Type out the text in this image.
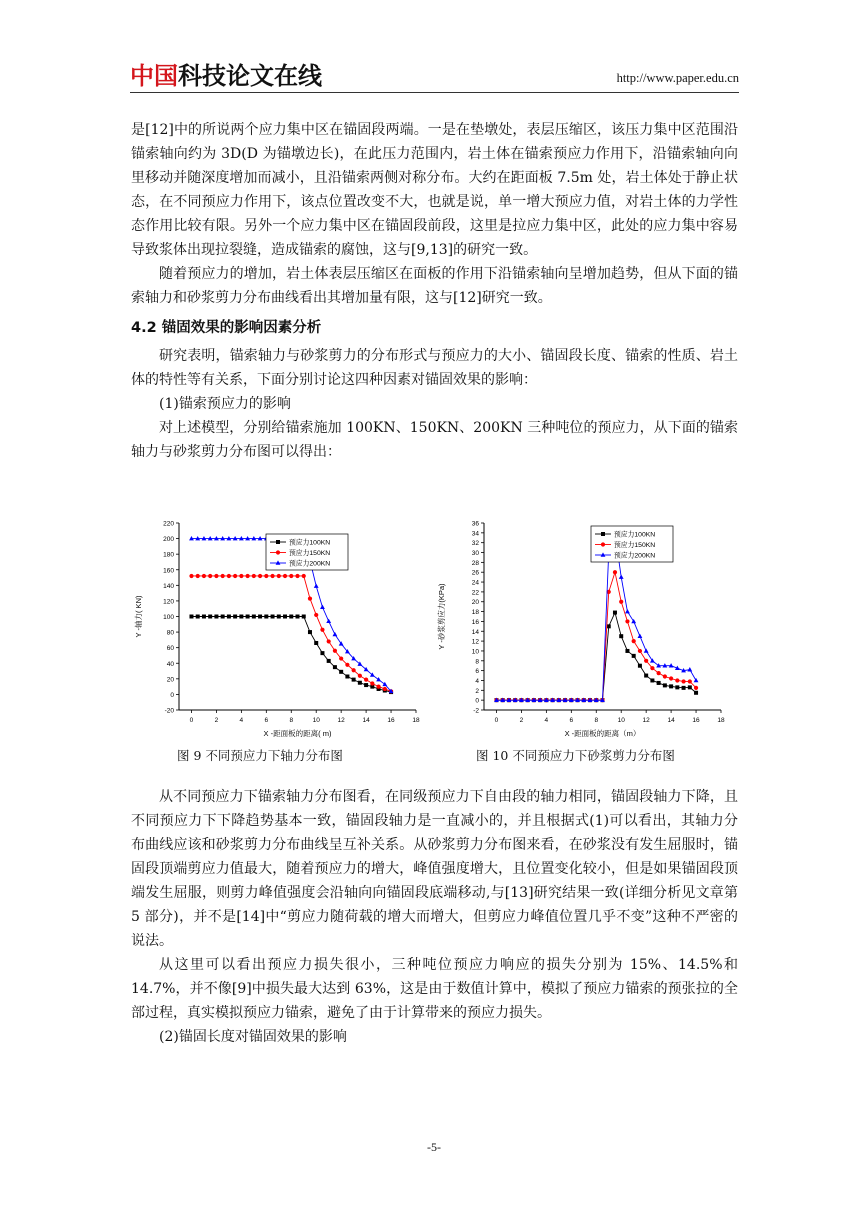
中国科技论文在线	http://www.paper.edu.cn

是[12]中的所说两个应力集中区在锚固段两端。一是在垫墩处，表层压缩区，该压力集中区范围沿锚索轴向约为 3D(D 为锚墩边长)，在此压力范围内，岩土体在锚索预应力作用下，沿锚索轴向向里移动并随深度增加而减小，且沿锚索两侧对称分布。大约在距面板 7.5m 处，岩土体处于静止状态，在不同预应力作用下，该点位置改变不大，也就是说，单一增大预应力值，对岩土体的力学性态作用比较有限。另外一个应力集中区在锚固段前段，这里是拉应力集中区，此处的应力集中容易导致浆体出现拉裂缝，造成锚索的腐蚀，这与[9,13]的研究一致。

随着预应力的增加，岩土体表层压缩区在面板的作用下沿锚索轴向呈增加趋势，但从下面的锚索轴力和砂浆剪力分布曲线看出其增加量有限，这与[12]研究一致。

4.2 锚固效果的影响因素分析

研究表明，锚索轴力与砂浆剪力的分布形式与预应力的大小、锚固段长度、锚索的性质、岩土体的特性等有关系，下面分别讨论这四种因素对锚固效果的影响：

(1)锚索预应力的影响

对上述模型，分别给锚索施加 100KN、150KN、200KN 三种吨位的预应力，从下面的锚索轴力与砂浆剪力分布图可以得出：

-20
0
20
40
60
80
100
120
140
160
180
200
220
0	2	4	6	8	10	12	14	16	18
X -距面板的距离( m)
Y -轴力( KN)
预应力100KN
预应力150KN
预应力200KN
图 9 不同预应力下轴力分布图
-2
0
2
4
6
8
10
12
14
16
18
20
22
24
26
28
30
32
34
36
0	2	4	6	8	10	12	14	16	18
X -距面板的距离（m）
Y -砂浆剪应力(KPa)
预应力100KN
预应力150KN
预应力200KN
图 10 不同预应力下砂浆剪力分布图

从不同预应力下锚索轴力分布图看，在同级预应力下自由段的轴力相同，锚固段轴力下降，且不同预应力下下降趋势基本一致，锚固段轴力是一直减小的，并且根据式(1)可以看出，其轴力分布曲线应该和砂浆剪力分布曲线呈互补关系。从砂浆剪力分布图来看，在砂浆没有发生屈服时，锚固段顶端剪应力值最大，随着预应力的增大，峰值强度增大，且位置变化较小，但是如果锚固段顶端发生屈服，则剪力峰值强度会沿轴向向锚固段底端移动,与[13]研究结果一致(详细分析见文章第 5 部分)，并不是[14]中“剪应力随荷载的增大而增大，但剪应力峰值位置几乎不变”这种不严密的说法。

从这里可以看出预应力损失很小，三种吨位预应力响应的损失分别为 15%、14.5%和 14.7%，并不像[9]中损失最大达到 63%，这是由于数值计算中，模拟了预应力锚索的预张拉的全部过程，真实模拟预应力锚索，避免了由于计算带来的预应力损失。

(2)锚固长度对锚固效果的影响

-5-
